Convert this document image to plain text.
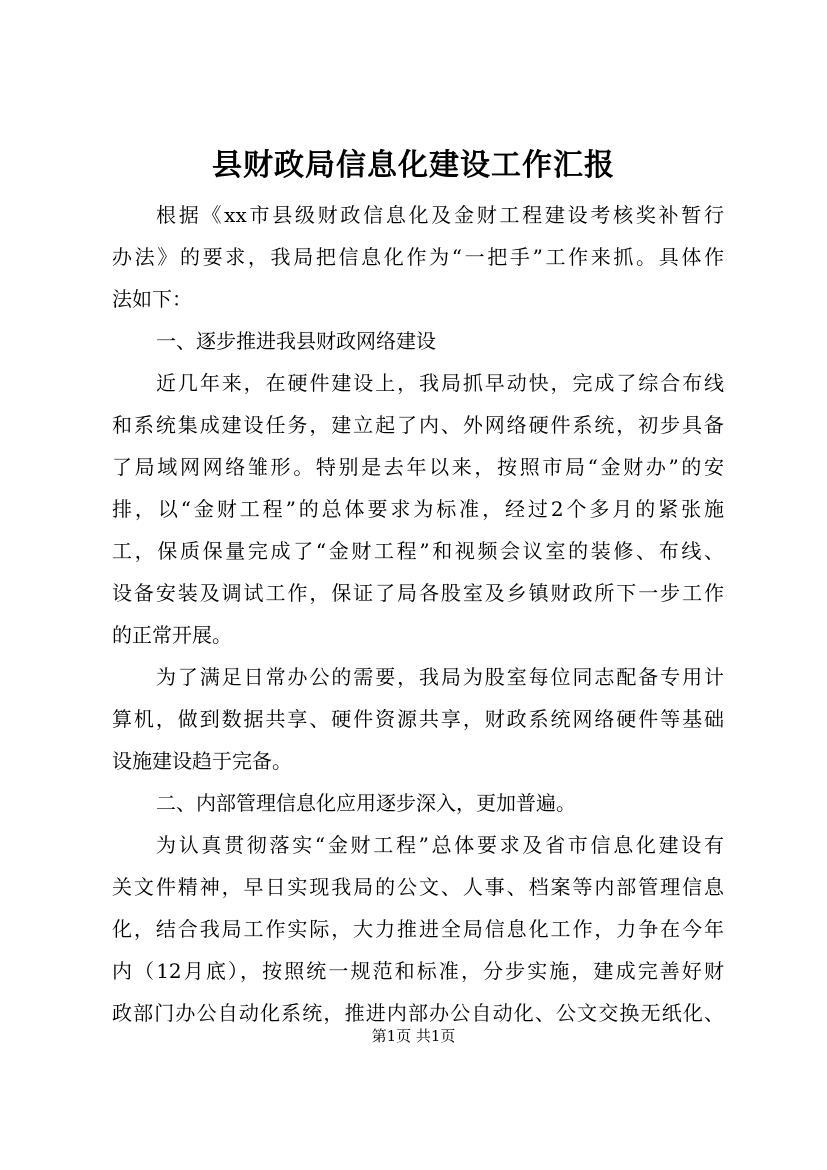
县财政局信息化建设工作汇报
根据《xx市县级财政信息化及金财工程建设考核奖补暂行
办法》的要求，我局把信息化作为“一把手”工作来抓。具体作
法如下：
一、逐步推进我县财政网络建设
近几年来，在硬件建设上，我局抓早动快，完成了综合布线
和系统集成建设任务，建立起了内、外网络硬件系统，初步具备
了局域网网络雏形。特别是去年以来，按照市局“金财办”的安
排，以“金财工程”的总体要求为标准，经过2个多月的紧张施
工，保质保量完成了“金财工程”和视频会议室的装修、布线、
设备安装及调试工作，保证了局各股室及乡镇财政所下一步工作
的正常开展。
为了满足日常办公的需要，我局为股室每位同志配备专用计
算机，做到数据共享、硬件资源共享，财政系统网络硬件等基础
设施建设趋于完备。
二、内部管理信息化应用逐步深入，更加普遍。
为认真贯彻落实“金财工程”总体要求及省市信息化建设有
关文件精神，早日实现我局的公文、人事、档案等内部管理信息
化，结合我局工作实际，大力推进全局信息化工作，力争在今年
内（12月底），按照统一规范和标准，分步实施，建成完善好财
政部门办公自动化系统，推进内部办公自动化、公文交换无纸化、
第1页 共1页
